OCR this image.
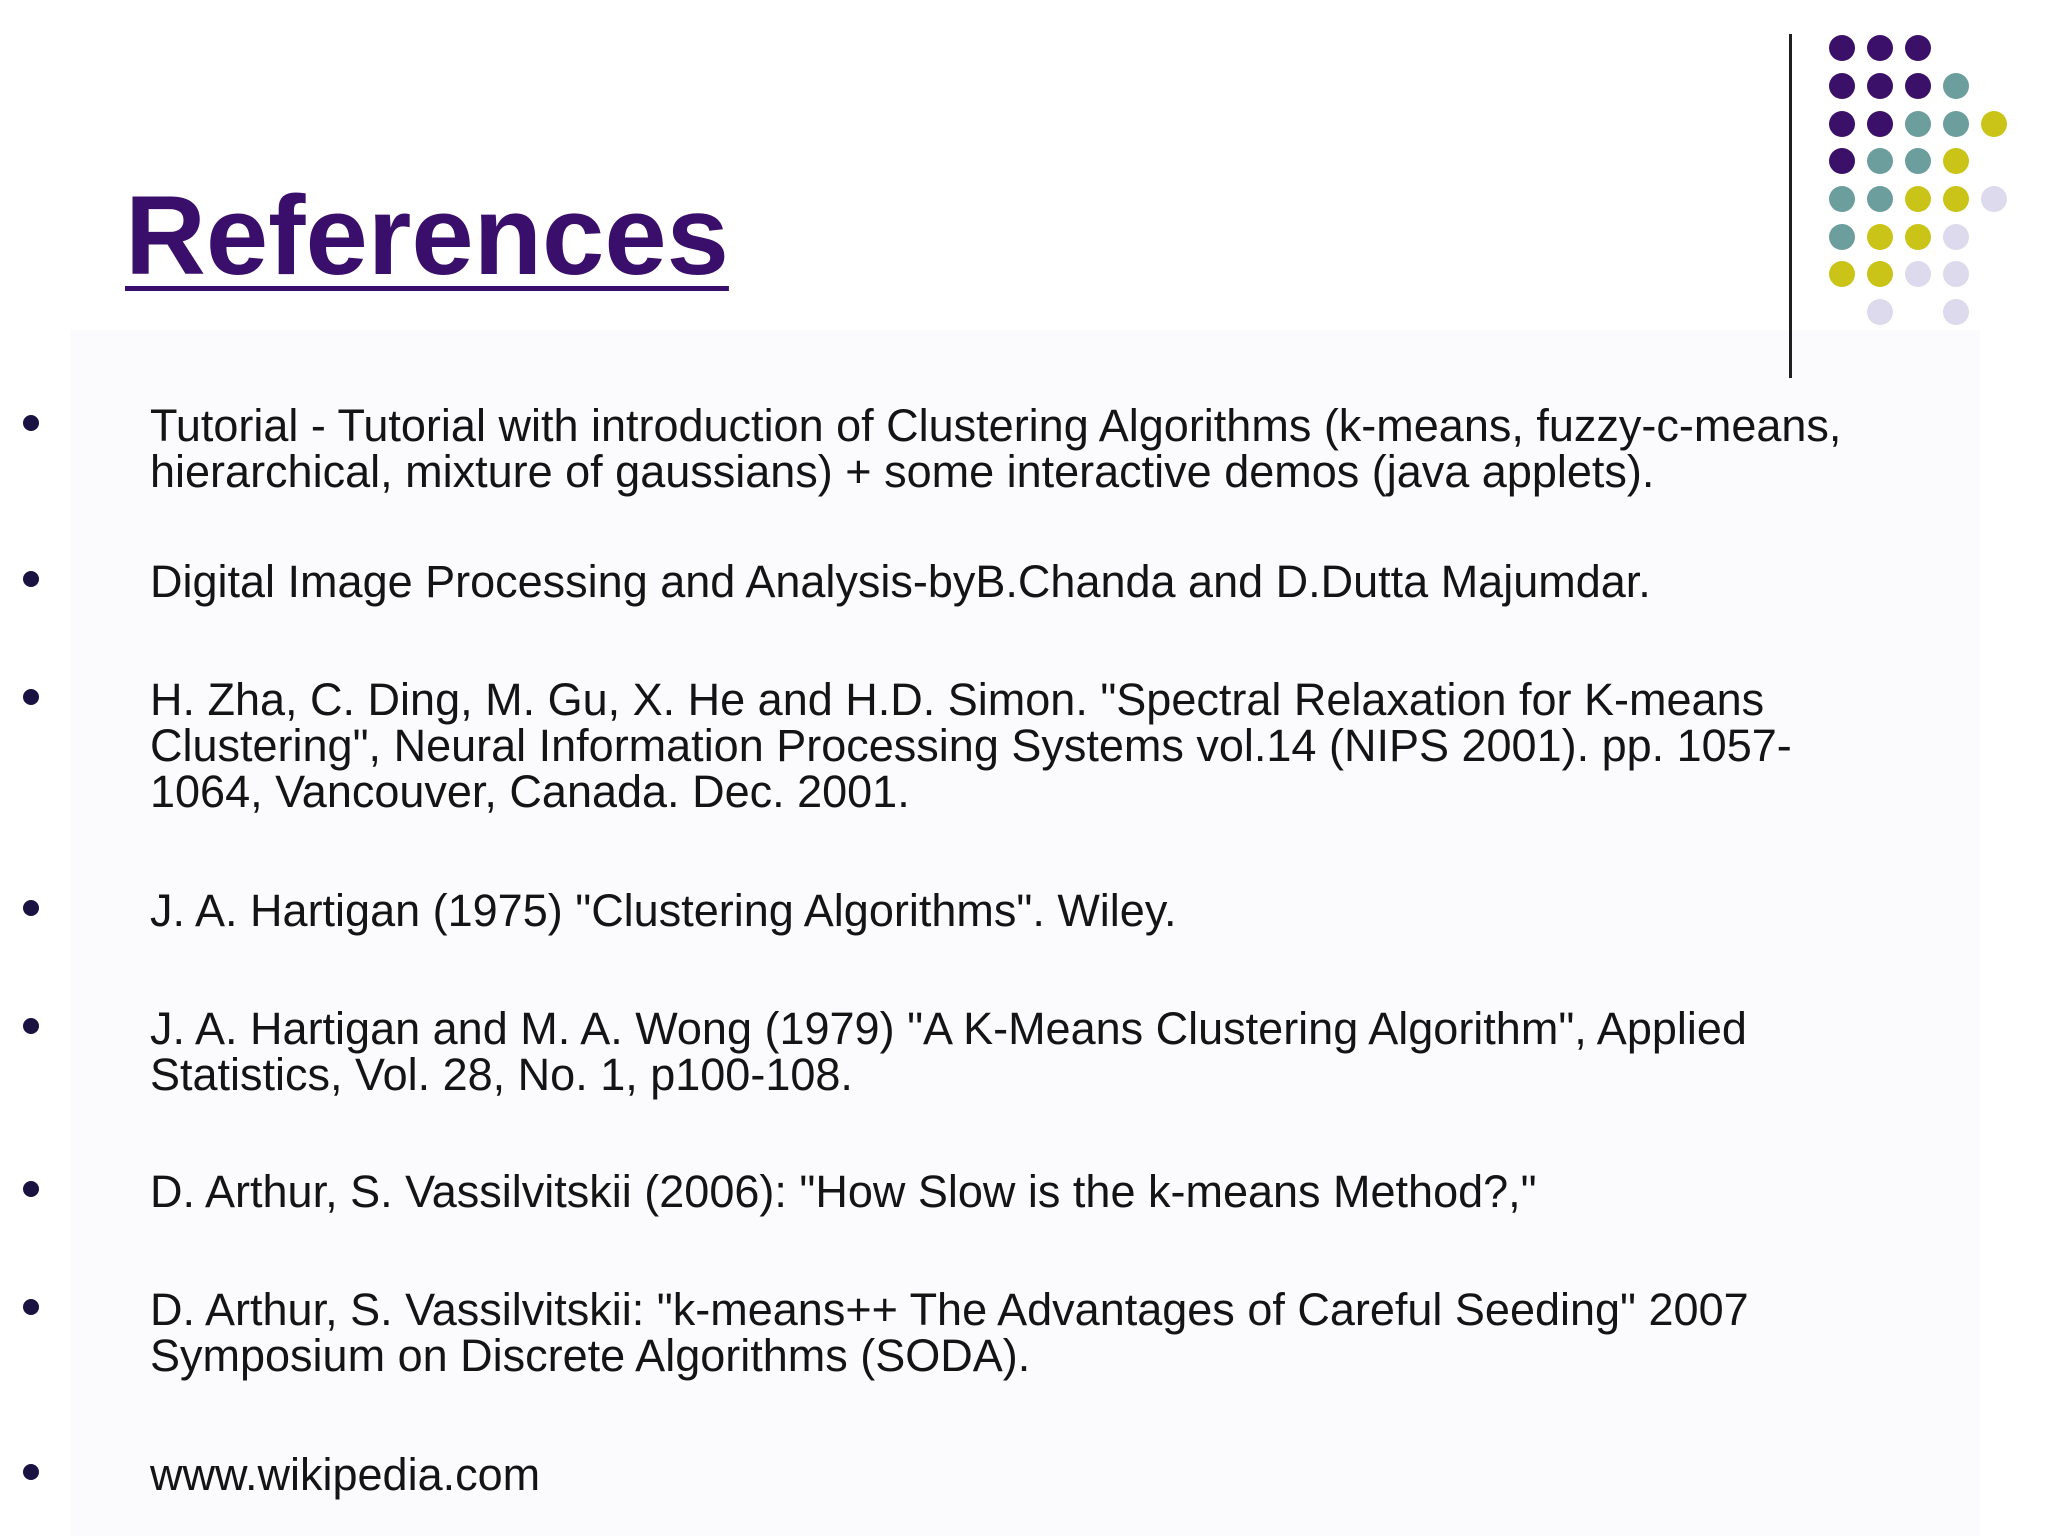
References

Tutorial - Tutorial with introduction of Clustering Algorithms (k-means, fuzzy-c-means,
hierarchical, mixture of gaussians) + some interactive demos (java applets).

Digital Image Processing and Analysis-byB.Chanda and D.Dutta Majumdar.

H. Zha, C. Ding, M. Gu, X. He and H.D. Simon. "Spectral Relaxation for K-means
Clustering", Neural Information Processing Systems vol.14 (NIPS 2001). pp. 1057-
1064, Vancouver, Canada. Dec. 2001.

J. A. Hartigan (1975) "Clustering Algorithms". Wiley.

J. A. Hartigan and M. A. Wong (1979) "A K-Means Clustering Algorithm", Applied
Statistics, Vol. 28, No. 1, p100-108.

D. Arthur, S. Vassilvitskii (2006): "How Slow is the k-means Method?,"

D. Arthur, S. Vassilvitskii: "k-means++ The Advantages of Careful Seeding" 2007
Symposium on Discrete Algorithms (SODA).

www.wikipedia.com
